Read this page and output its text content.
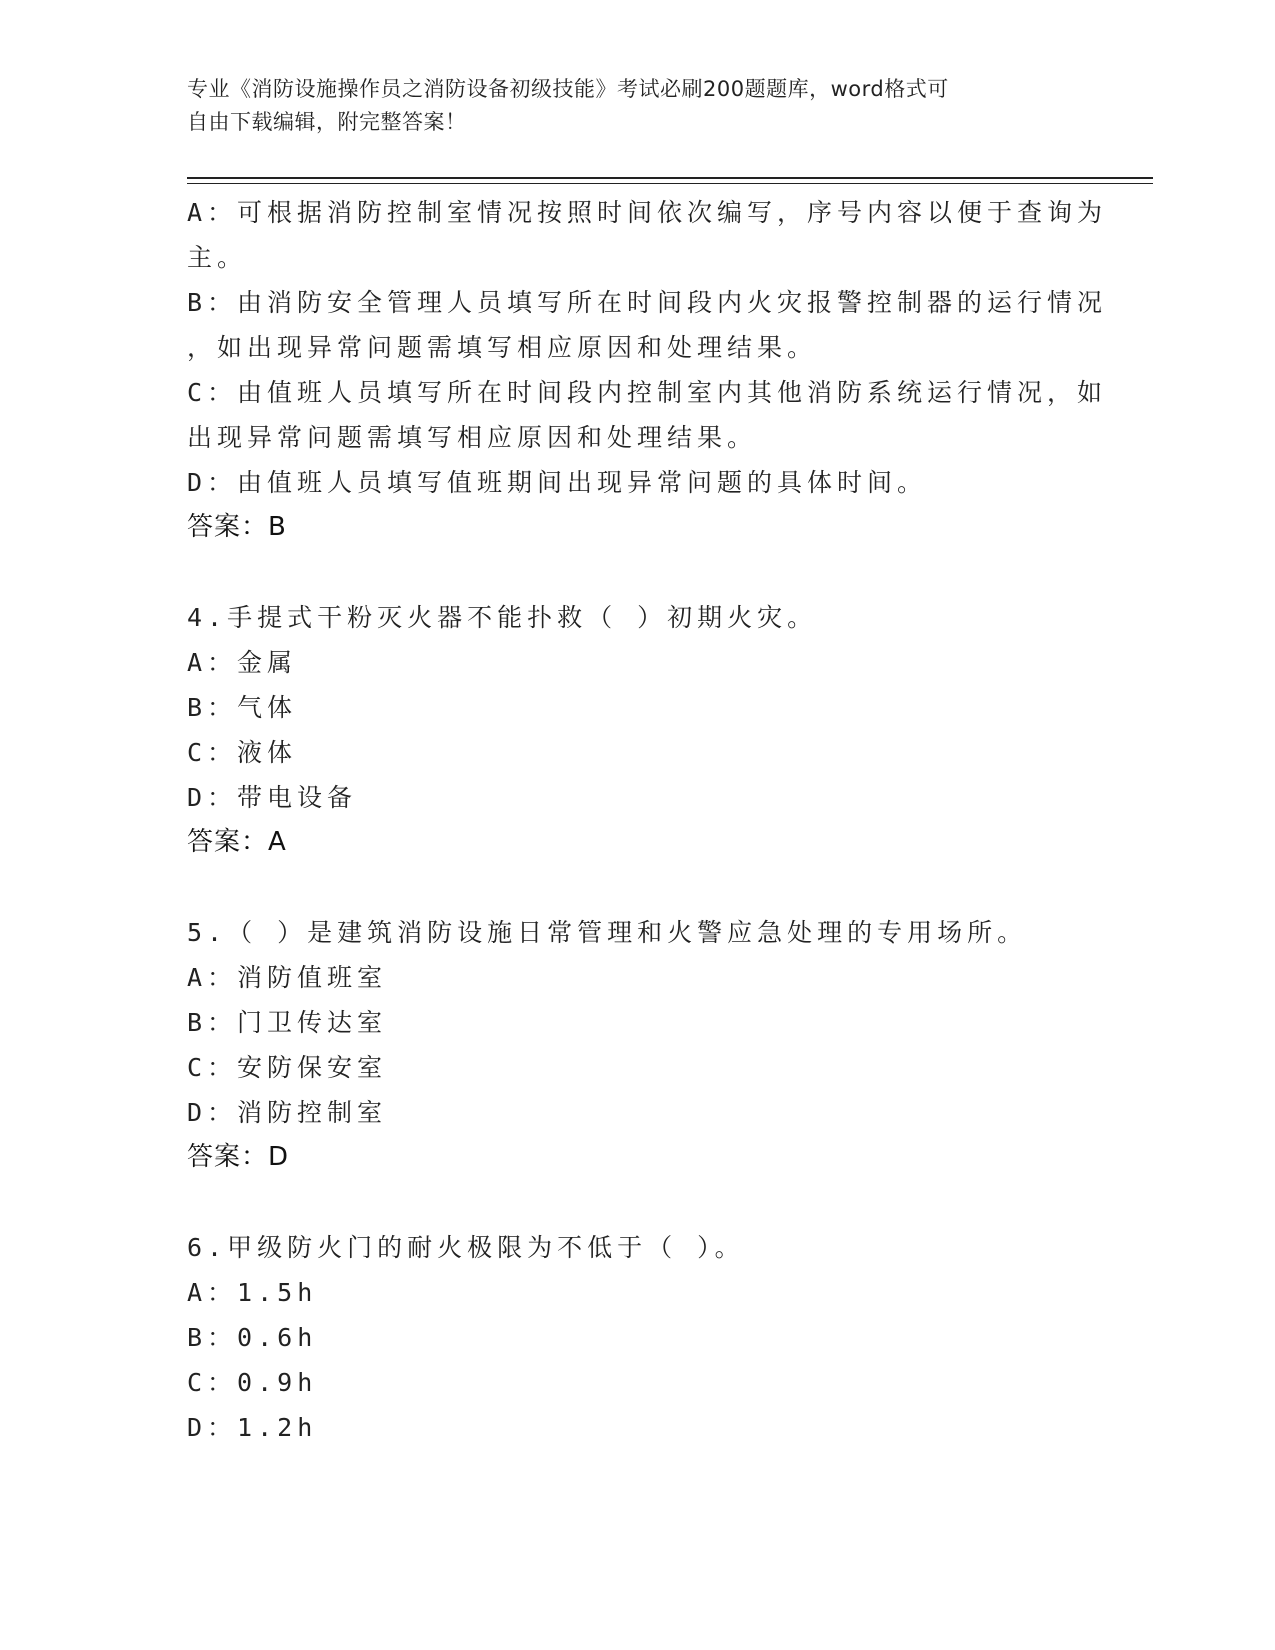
专业《消防设施操作员之消防设备初级技能》考试必刷200题题库，word格式可
自由下载编辑，附完整答案！
A：可根据消防控制室情况按照时间依次编写，序号内容以便于查询为
主。
B：由消防安全管理人员填写所在时间段内火灾报警控制器的运行情况
，如出现异常问题需填写相应原因和处理结果。
C：由值班人员填写所在时间段内控制室内其他消防系统运行情况，如
出现异常问题需填写相应原因和处理结果。
D：由值班人员填写值班期间出现异常问题的具体时间。
答案：B
4.手提式干粉灭火器不能扑救（ ）初期火灾。
A：金属
B：气体
C：液体
D：带电设备
答案：A
5.（ ）是建筑消防设施日常管理和火警应急处理的专用场所。
A：消防值班室
B：门卫传达室
C：安防保安室
D：消防控制室
答案：D
6.甲级防火门的耐火极限为不低于（ ）。
A：1.5h
B：0.6h
C：0.9h
D：1.2h
